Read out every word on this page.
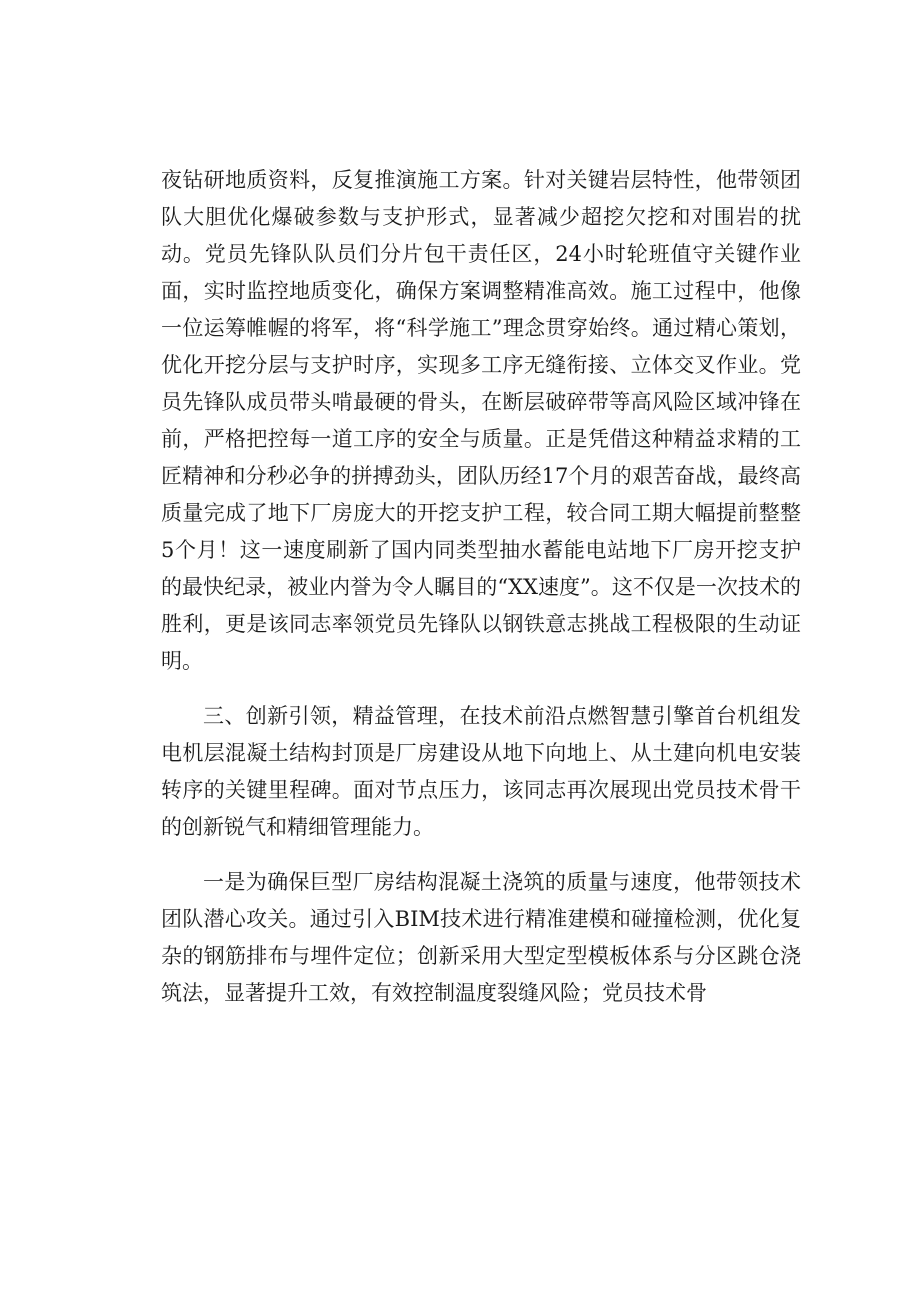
夜钻研地质资料，反复推演施工方案。针对关键岩层特性，他带领团队大胆优化爆破参数与支护形式，显著减少超挖欠挖和对围岩的扰动。党员先锋队队员们分片包干责任区，24小时轮班值守关键作业面，实时监控地质变化，确保方案调整精准高效。施工过程中，他像一位运筹帷幄的将军，将“科学施工”理念贯穿始终。通过精心策划，优化开挖分层与支护时序，实现多工序无缝衔接、立体交叉作业。党员先锋队成员带头啃最硬的骨头，在断层破碎带等高风险区域冲锋在前，严格把控每一道工序的安全与质量。正是凭借这种精益求精的工匠精神和分秒必争的拼搏劲头，团队历经17个月的艰苦奋战，最终高质量完成了地下厂房庞大的开挖支护工程，较合同工期大幅提前整整5个月！这一速度刷新了国内同类型抽水蓄能电站地下厂房开挖支护的最快纪录，被业内誉为令人瞩目的“XX速度”。这不仅是一次技术的胜利，更是该同志率领党员先锋队以钢铁意志挑战工程极限的生动证明。

三、创新引领，精益管理，在技术前沿点燃智慧引擎首台机组发电机层混凝土结构封顶是厂房建设从地下向地上、从土建向机电安装转序的关键里程碑。面对节点压力，该同志再次展现出党员技术骨干的创新锐气和精细管理能力。

一是为确保巨型厂房结构混凝土浇筑的质量与速度，他带领技术团队潜心攻关。通过引入BIM技术进行精准建模和碰撞检测，优化复杂的钢筋排布与埋件定位；创新采用大型定型模板体系与分区跳仓浇筑法，显著提升工效，有效控制温度裂缝风险；党员技术骨
